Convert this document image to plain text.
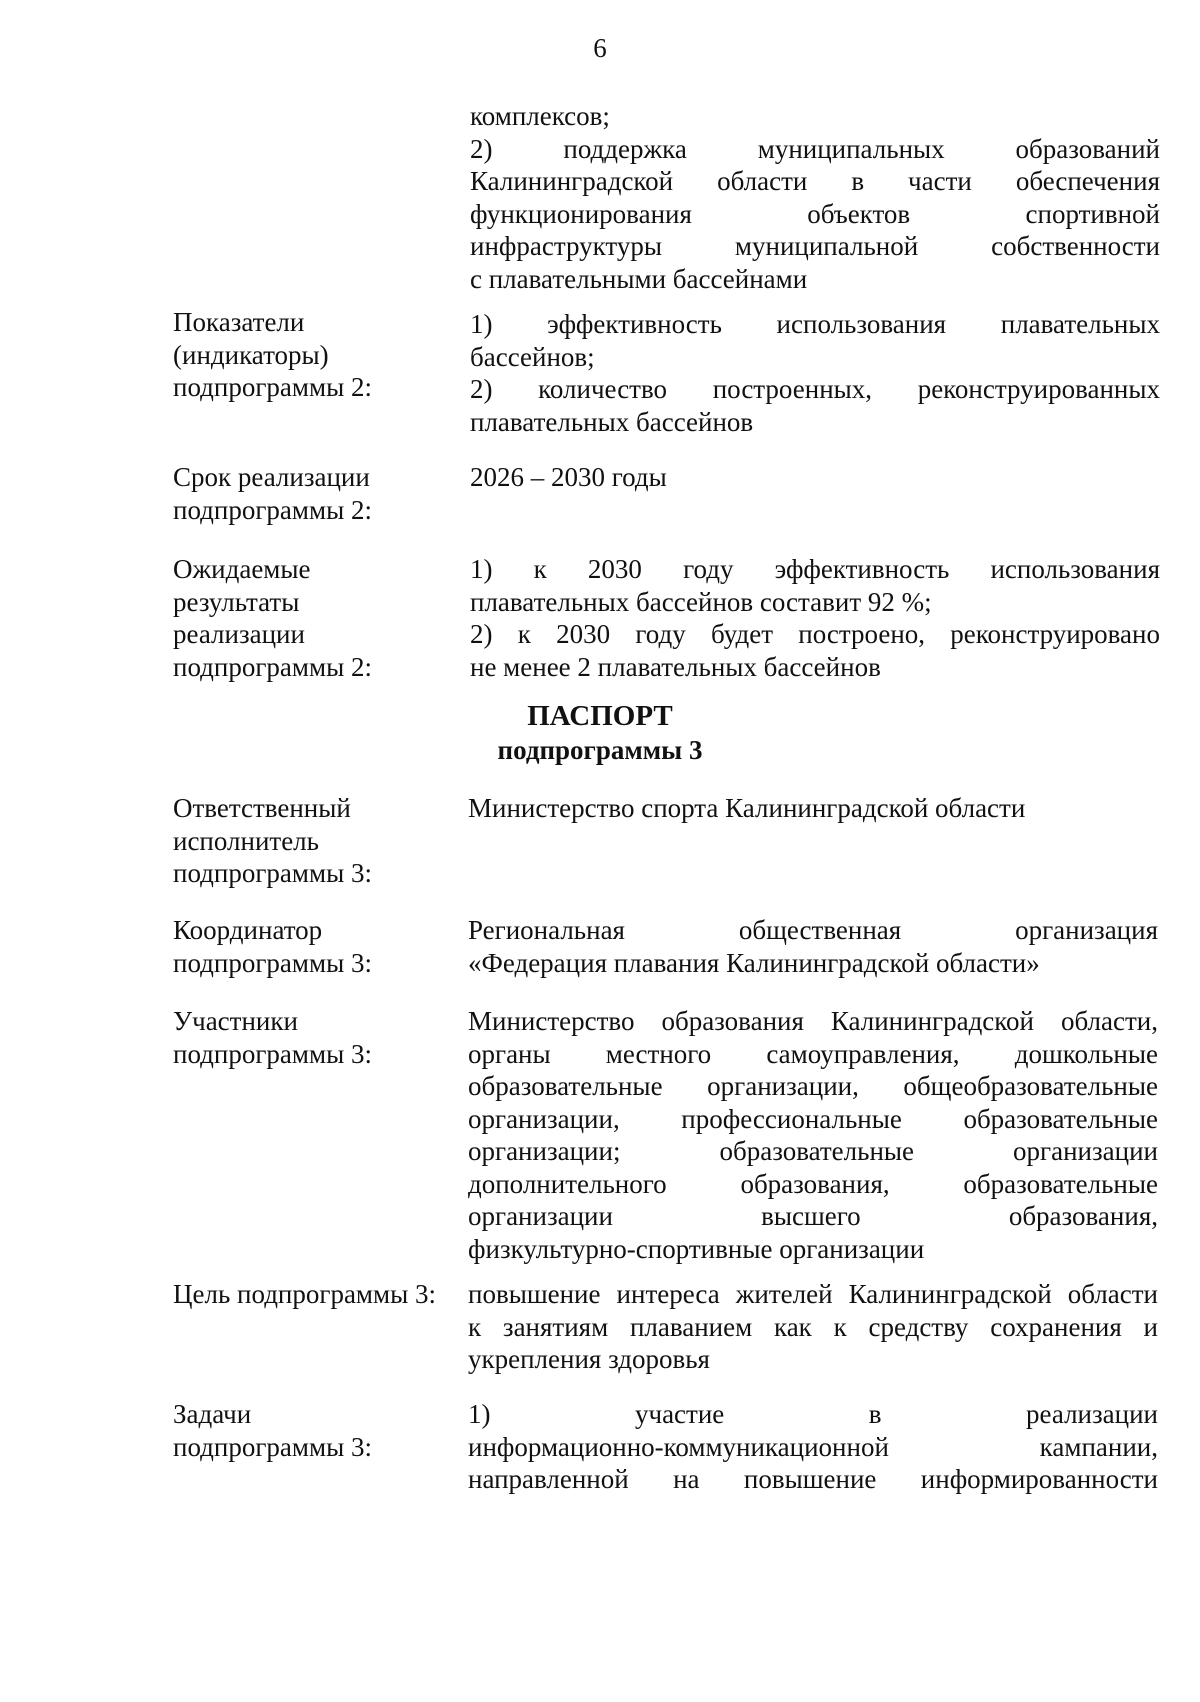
6
комплексов;
2) поддержка муниципальных образований
Калининградской области в части обеспечения
функционирования объектов спортивной
инфраструктуры муниципальной собственности
с плавательными бассейнами
Показатели
(индикаторы)
подпрограммы 2:
1) эффективность использования плавательных
бассейнов;
2) количество построенных, реконструированных
плавательных бассейнов
Срок реализации
подпрограммы 2:
2026 – 2030 годы
Ожидаемые
результаты
реализации
подпрограммы 2:
1) к 2030 году эффективность использования
плавательных бассейнов составит 92 %;
2) к 2030 году будет построено, реконструировано
не менее 2 плавательных бассейнов
ПАСПОРТ
подпрограммы 3
Ответственный
исполнитель
подпрограммы 3:
Министерство спорта Калининградской области
Координатор
подпрограммы 3:
Региональная общественная организация
«Федерация плавания Калининградской области»
Участники
подпрограммы 3:
Министерство образования Калининградской области,
органы местного самоуправления, дошкольные
образовательные организации, общеобразовательные
организации, профессиональные образовательные
организации; образовательные организации
дополнительного образования, образовательные
организации высшего образования,
физкультурно-спортивные организации
Цель подпрограммы 3:	повышение интереса жителей Калининградской области
к занятиям плаванием как к средству сохранения и
укрепления здоровья
Задачи
подпрограммы 3:
1) участие в реализации
информационно-коммуникационной кампании,
направленной на повышение информированности
